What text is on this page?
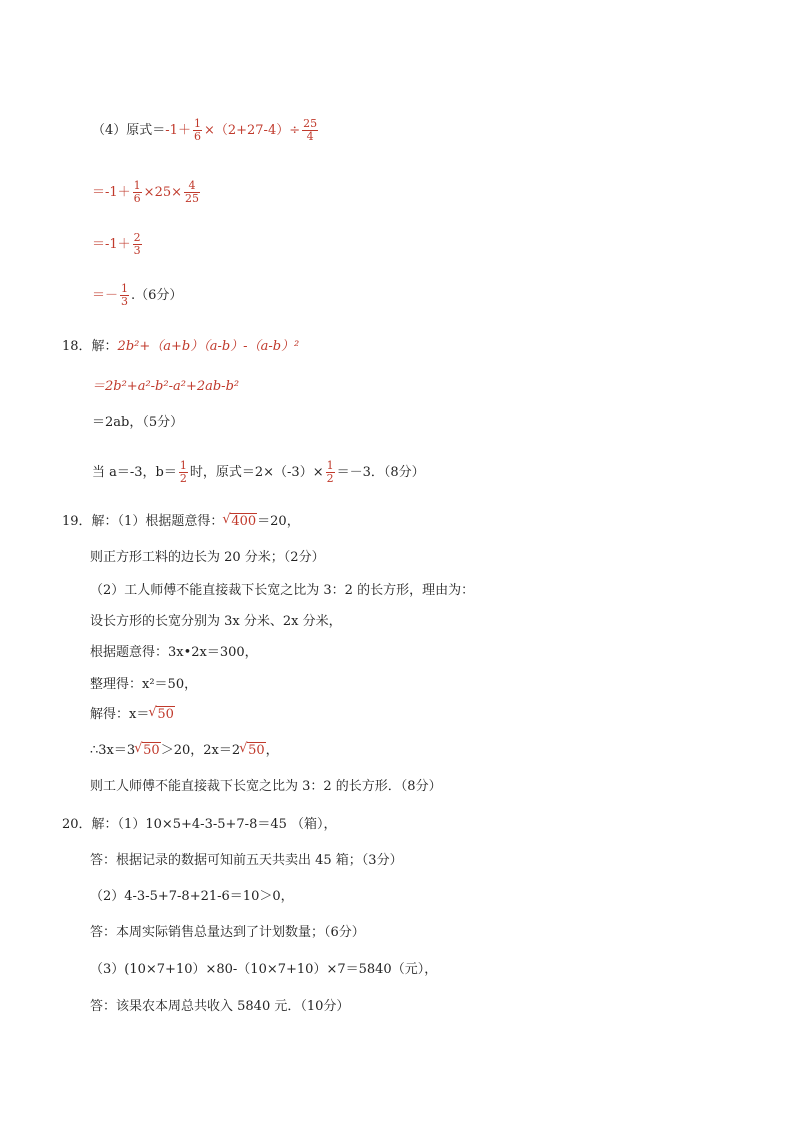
（4）原式$=-1+ \frac{1}{6} \times(2+27-4)\div \frac{25}{4}$
$=-1+ \frac{1}{6} \times 25\times \frac{4}{25}$
$=-1+ \frac{2}{3}$
＝－ $\frac{1}{3} .(6$分）
18．解：2b²+（a+b）（a-b）-（a-b）²
＝2b²+a²-b²-a²+2ab-b²
＝2ab，（5分）
当 a＝-3，$b= \frac{1}{2}$ 时，原式$=2\times(-3)\times \frac{1}{2} =-3$．（8分）
19．解：（1）根据题意得： √ 400＝20，
则正方形工料的边长为 20 分米；（2分）
（2）工人师傅不能直接裁下长宽之比为 3：2 的长方形，理由为：
设长方形的长宽分别为 3x 分米、2x 分米，
根据题意得：3x•2x＝300，
整理得：x²＝50，
解得：x＝ √ 50
∴3x＝3 √ 50＞20，2x＝2 √ 50，
则工人师傅不能直接裁下长宽之比为 3：2 的长方形．（8分）
20．解：（1）10×5+4-3-5+7-8＝45 （箱），
答：根据记录的数据可知前五天共卖出 45 箱；（3分）
（2）4-3-5+7-8+21-6＝10＞0，
答：本周实际销售总量达到了计划数量；（6分）
（3）(10×7+10）×80-（10×7+10）×7＝5840（元），
答：该果农本周总共收入 5840 元．（10分）
